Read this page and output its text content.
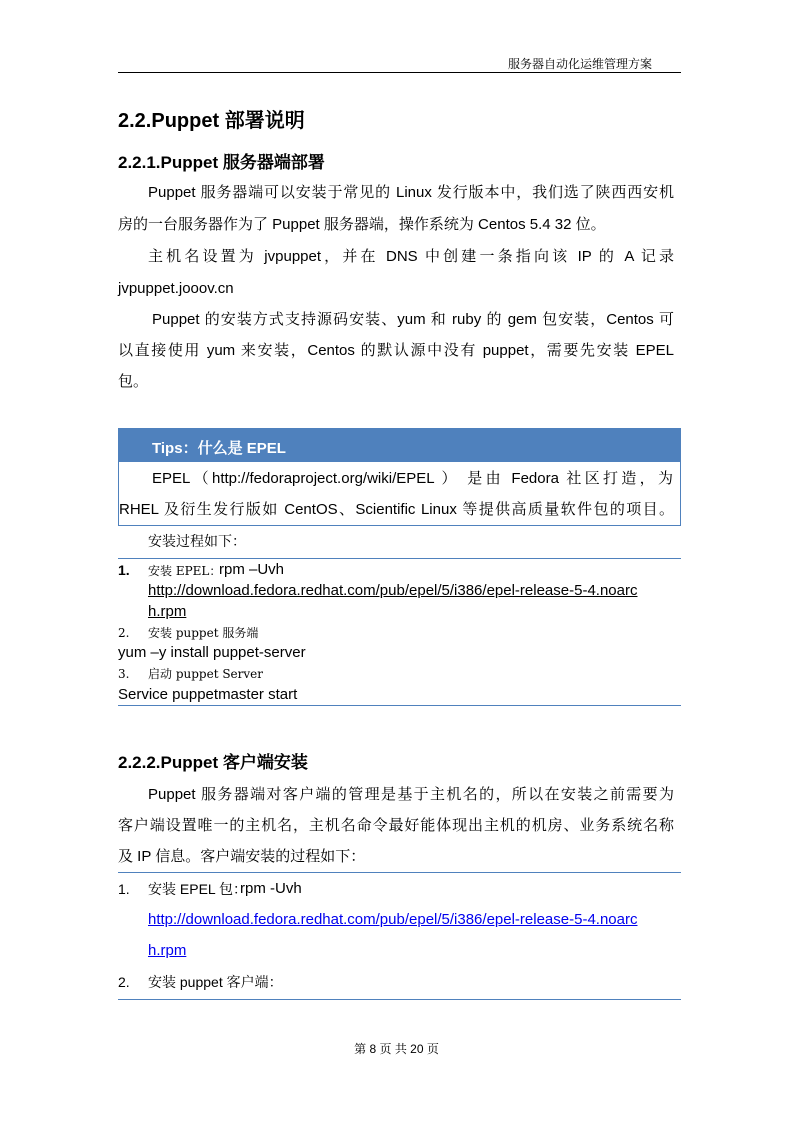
服务器自动化运维管理方案
2.2.Puppet 部署说明
2.2.1.Puppet 服务器端部署
Puppet 服务器端可以安装于常见的 Linux 发行版本中，我们选了陕西西安机
房的一台服务器作为了 Puppet 服务器端，操作系统为 Centos 5.4 32 位。
主机名设置为 jvpuppet，并在 DNS 中创建一条指向该 IP 的 A 记录
jvpuppet.jooov.cn
Puppet 的安装方式支持源码安装、yum 和 ruby 的 gem 包安装，Centos 可
以直接使用 yum 来安装，Centos 的默认源中没有 puppet，需要先安装 EPEL
包。
Tips：什么是 EPEL
EPEL（http://fedoraproject.org/wiki/EPEL ） 是由 Fedora 社区打造，为
RHEL 及衍生发行版如 CentOS、Scientific Linux 等提供高质量软件包的项目。
安装过程如下：
1. 安装 EPEL：
rpm –Uvh
http://download.fedora.redhat.com/pub/epel/5/i386/epel-release-5-4.noarc
h.rpm
2. 安装 puppet 服务端
yum –y install puppet-server
3. 启动 puppet Server
Service puppetmaster start
2.2.2.Puppet 客户端安装
Puppet 服务器端对客户端的管理是基于主机名的，所以在安装之前需要为
客户端设置唯一的主机名，主机名命令最好能体现出主机的机房、业务系统名称
及 IP 信息。客户端安装的过程如下：
1. 安装 EPEL 包：
rpm -Uvh
http://download.fedora.redhat.com/pub/epel/5/i386/epel-release-5-4.noarc
h.rpm
2. 安装 puppet 客户端：
第 8 页 共 20 页
